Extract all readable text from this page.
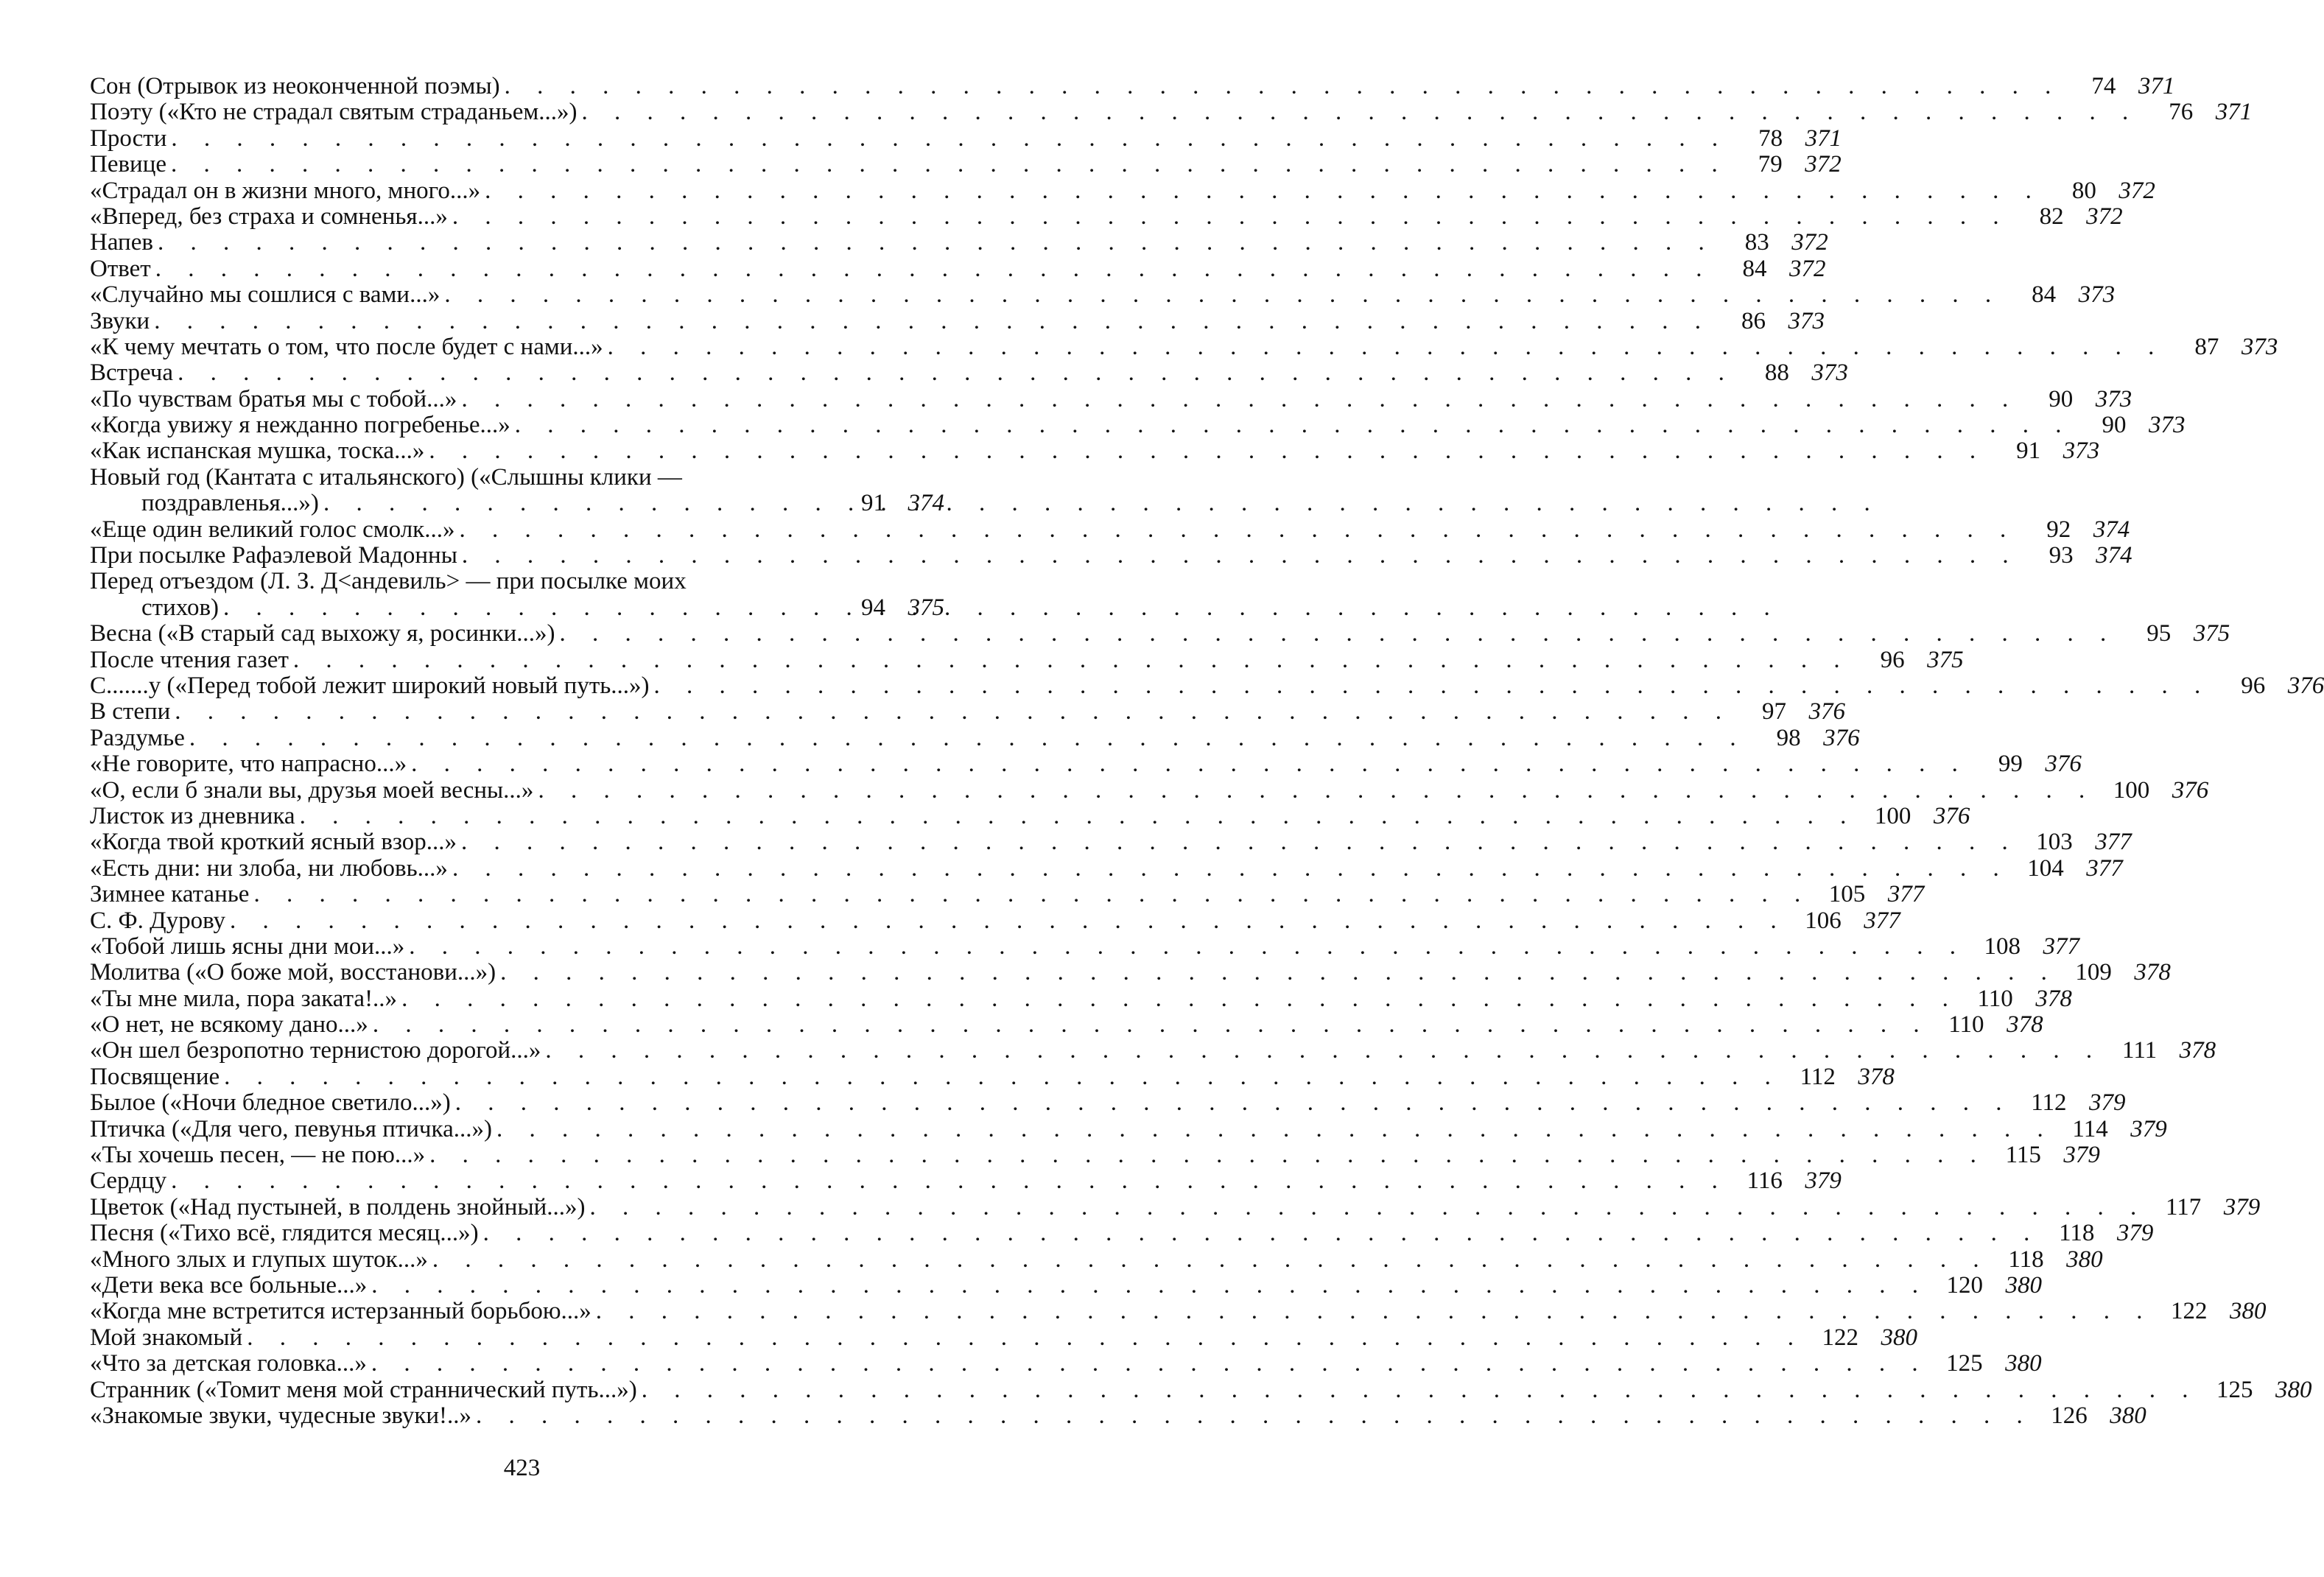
Сон (Отрывок из неоконченной поэмы) . . .	74 371
Поэту («Кто не страдал святым страданьем...») . . .	76 371
Прости . . .	78 371
Певице . . .	79 372
«Страдал он в жизни много, много...» . . .	80 372
«Вперед, без страха и сомненья...» . . .	82 372
Напев . . .	83 372
Ответ . . .	84 372
«Случайно мы сошлися с вами...» . . .	84 373
Звуки . . .	86 373
«К чему мечтать о том, что после будет с нами...» . . .	87 373
Встреча . . .	88 373
«По чувствам братья мы с тобой...» . . .	90 373
«Когда увижу я нежданно погребенье...» . . .	90 373
«Как испанская мушка, тоска...» . . .	91 373
Новый год (Кантата с итальянского) («Слышны клики —
поздравленья...») . . .	91 374
«Еще один великий голос смолк...» . . .	92 374
При посылке Рафаэлевой Мадонны . . .	93 374
Перед отъездом (Л. З. Д<андевиль> — при посылке моих
стихов) . . .	94 375
Весна («В старый сад выхожу я, росинки...») . . .	95 375
После чтения газет . . .	96 375
С.......у («Перед тобой лежит широкий новый путь...») . . .	96 376
В степи . . .	97 376
Раздумье . . .	98 376
«Не говорите, что напрасно...» . . .	99 376
«О, если б знали вы, друзья моей весны...» . . .	100 376
Листок из дневника . . .	100 376
«Когда твой кроткий ясный взор...» . . .	103 377
«Есть дни: ни злоба, ни любовь...» . . .	104 377
Зимнее катанье . . .	105 377
С. Ф. Дурову . . .	106 377
«Тобой лишь ясны дни мои...» . . .	108 377
Молитва («О боже мой, восстанови...») . . .	109 378
«Ты мне мила, пора заката!..» . . .	110 378
«О нет, не всякому дано...» . . .	110 378
«Он шел безропотно тернистою дорогой...» . . .	111 378
Посвящение . . .	112 378
Былое («Ночи бледное светило...») . . .	112 379
Птичка («Для чего, певунья птичка...») . . .	114 379
«Ты хочешь песен, — не пою...» . . .	115 379
Сердцу . . .	116 379
Цветок («Над пустыней, в полдень знойный...») . . .	117 379
Песня («Тихо всё, глядится месяц...») . . .	118 379
«Много злых и глупых шуток...» . . .	118 380
«Дети века все больные...» . . .	120 380
«Когда мне встретится истерзанный борьбою...» . . .	122 380
Мой знакомый . . .	122 380
«Что за детская головка...» . . .	125 380
Странник («Томит меня мой страннический путь...») . . .	125 380
«Знакомые звуки, чудесные звуки!..» . . .	126 380
423
